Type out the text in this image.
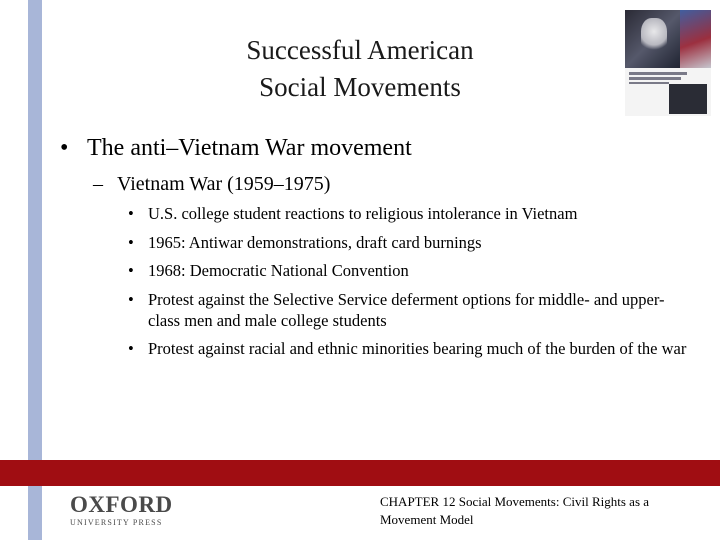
Successful American
Social Movements
• The anti–Vietnam War movement
– Vietnam War (1959–1975)
• U.S. college student reactions to religious intolerance in Vietnam
• 1965: Antiwar demonstrations, draft card burnings
• 1968: Democratic National Convention
• Protest against the Selective Service deferment options for middle- and upper-class men and male college students
• Protest against racial and ethnic minorities bearing much of the burden of the war
OXFORD
UNIVERSITY PRESS
CHAPTER 12 Social Movements: Civil Rights as a
Movement Model
